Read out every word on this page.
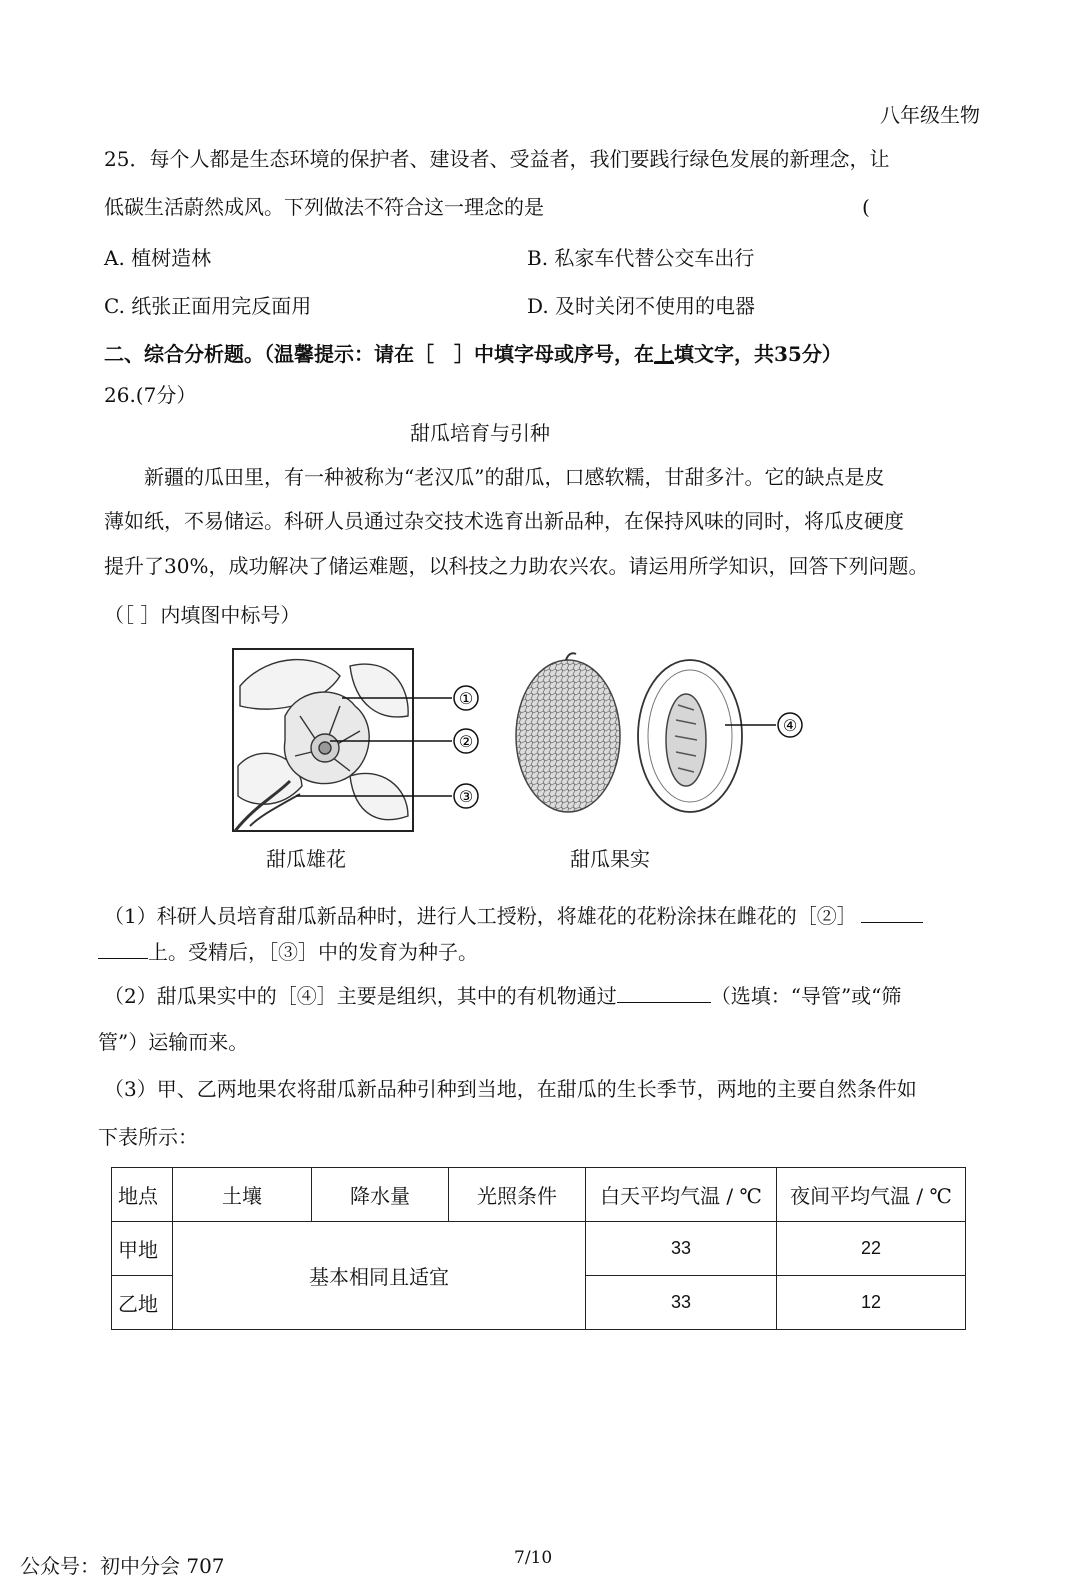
八年级生物
25．每个人都是生态环境的保护者、建设者、受益者，我们要践行绿色发展的新理念，让
低碳生活蔚然成风。下列做法不符合这一理念的是	(
A. 植树造林	B. 私家车代替公交车出行
C. 纸张正面用完反面用	D. 及时关闭不使用的电器
二、综合分析题。（温馨提示：请在［　］中填字母或序号，在上填文字，共35分）
26.(7分）
甜瓜培育与引种
新疆的瓜田里，有一种被称为“老汉瓜”的甜瓜，口感软糯，甘甜多汁。它的缺点是皮
薄如纸，不易储运。科研人员通过杂交技术选育出新品种，在保持风味的同时，将瓜皮硬度
提升了30%，成功解决了储运难题，以科技之力助农兴农。请运用所学知识，回答下列问题。
（［ ］内填图中标号）
①
②
③
④
甜瓜雄花	甜瓜果实
（1）科研人员培育甜瓜新品种时，进行人工授粉，将雄花的花粉涂抹在雌花的［②］
上。受精后，［③］中的发育为种子。
（2）甜瓜果实中的［④］主要是组织，其中的有机物通过	（选填：“导管”或“筛
管”）运输而来。
（3）甲、乙两地果农将甜瓜新品种引种到当地，在甜瓜的生长季节，两地的主要自然条件如
下表所示：
地点	土壤	降水量	光照条件	白天平均气温 / ℃	夜间平均气温 / ℃
甲地	基本相同且适宜			33	22
乙地				33	12
公众号：初中分会 707	7/10
